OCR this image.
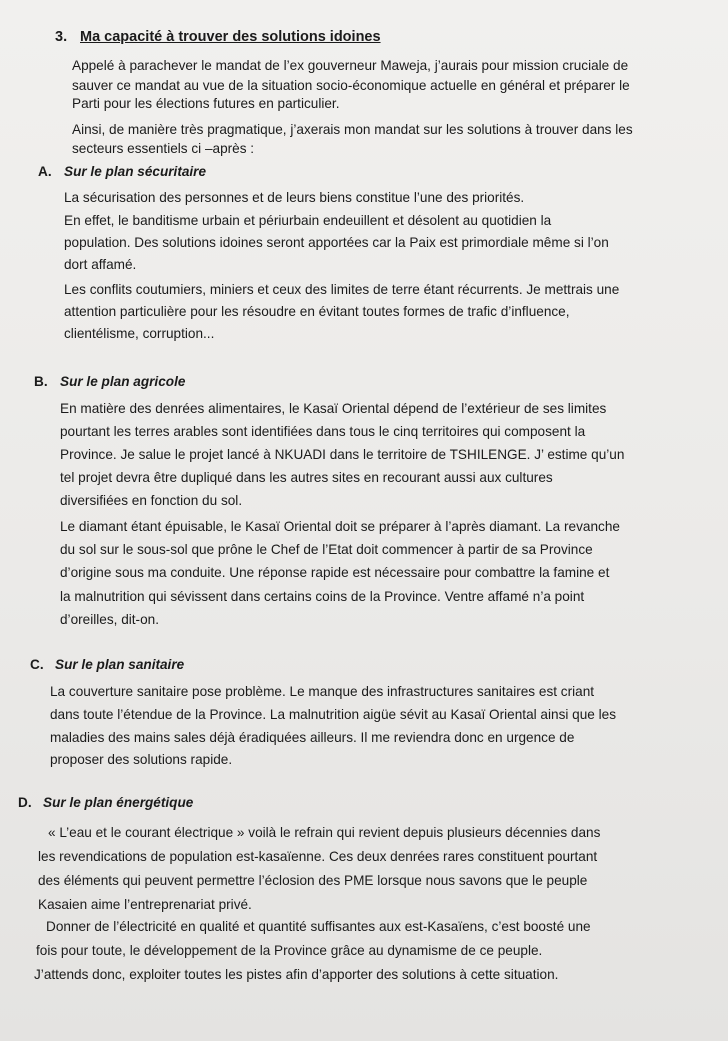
3. Ma capacité à trouver des solutions idoines
Appelé à parachever le mandat de l’ex gouverneur Maweja, j’aurais pour mission cruciale de
sauver ce mandat au vue de la situation socio-économique actuelle en général et préparer le
Parti pour les élections futures en particulier.
Ainsi, de manière très pragmatique, j’axerais mon mandat sur les solutions à trouver dans les
secteurs essentiels ci –après :
A. Sur le plan sécuritaire
La sécurisation des personnes et de leurs biens constitue l’une des priorités.
En effet, le banditisme urbain et périurbain endeuillent et désolent au quotidien la
population. Des solutions idoines seront apportées car la Paix est primordiale même si l’on
dort affamé.
Les conflits coutumiers, miniers et ceux des limites de terre étant récurrents. Je mettrais une
attention particulière pour les résoudre en évitant toutes formes de trafic d’influence,
clientélisme, corruption...
B. Sur le plan agricole
En matière des denrées alimentaires, le Kasaï Oriental dépend de l’extérieur de ses limites
pourtant les terres arables sont identifiées dans tous le cinq territoires qui composent la
Province. Je salue le projet lancé à NKUADI dans le territoire de TSHILENGE. J’ estime qu’un
tel projet devra être dupliqué dans les autres sites en recourant aussi aux cultures
diversifiées en fonction du sol.
Le diamant étant épuisable, le Kasaï Oriental doit se préparer à l’après diamant. La revanche
du sol sur le sous-sol que prône le Chef de l’Etat doit commencer à partir de sa Province
d’origine sous ma conduite. Une réponse rapide est nécessaire pour combattre la famine et
la malnutrition qui sévissent dans certains coins de la Province. Ventre affamé n’a point
d’oreilles, dit-on.
C. Sur le plan sanitaire
La couverture sanitaire pose problème. Le manque des infrastructures sanitaires est criant
dans toute l’étendue de la Province. La malnutrition aigüe sévit au Kasaï Oriental ainsi que les
maladies des mains sales déjà éradiquées ailleurs. Il me reviendra donc en urgence de
proposer des solutions rapide.
D. Sur le plan énergétique
« L’eau et le courant électrique » voilà le refrain qui revient depuis plusieurs décennies dans
les revendications de population est-kasaïenne. Ces deux denrées rares constituent pourtant
des éléments qui peuvent permettre l’éclosion des PME lorsque nous savons que le peuple
Kasaien aime l’entreprenariat privé.
Donner de l’électricité en qualité et quantité suffisantes aux est-Kasaïens, c’est boosté une
fois pour toute, le développement de la Province grâce au dynamisme de ce peuple.
J’attends donc, exploiter toutes les pistes afin d’apporter des solutions à cette situation.
